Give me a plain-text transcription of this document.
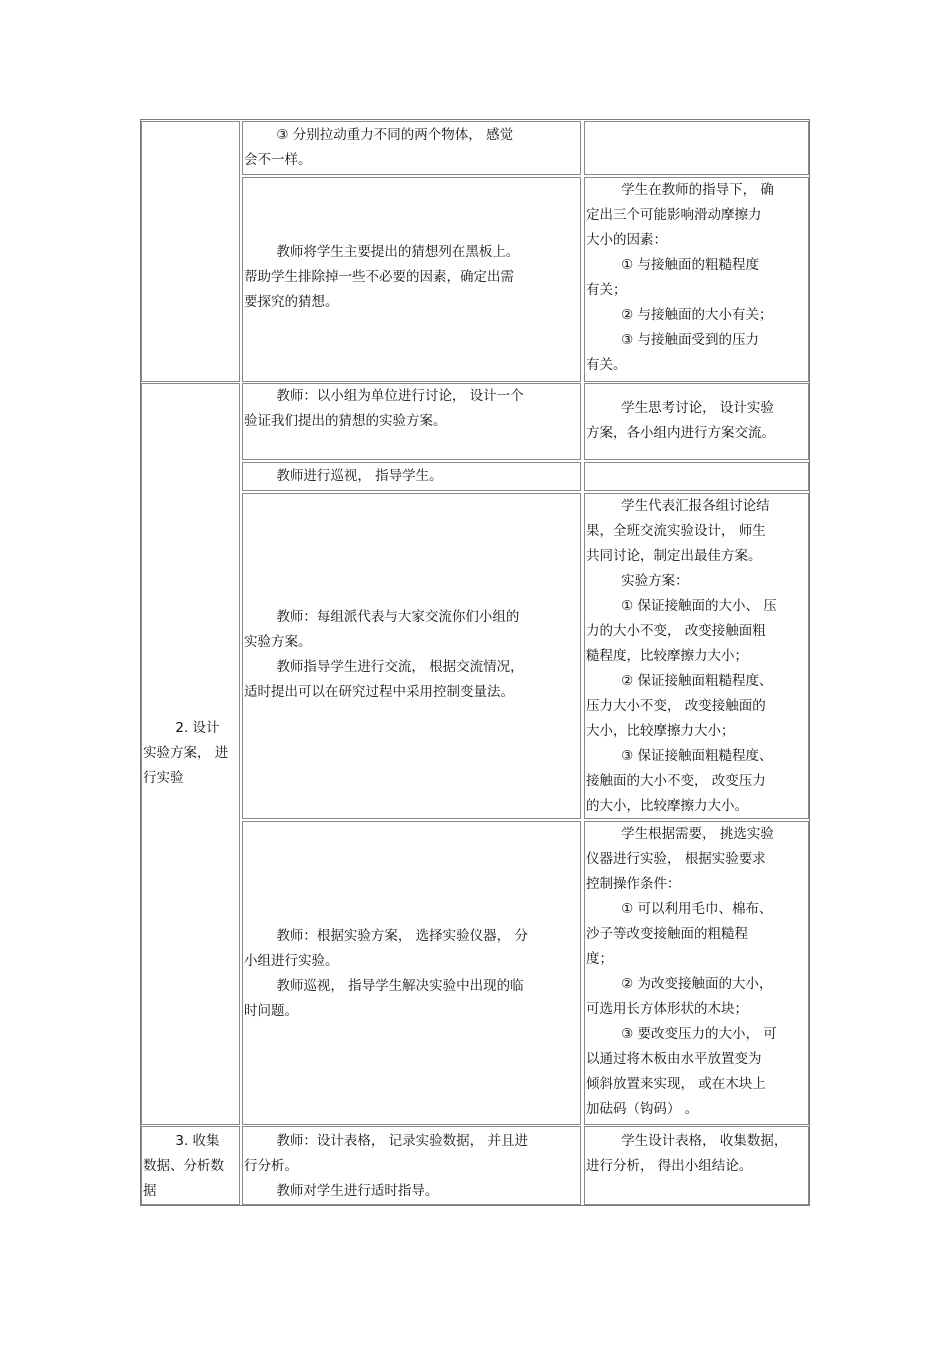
2. 设计
实验方案， 进
行实验
3. 收集
数据、分析数
据
③ 分别拉动重力不同的两个物体， 感觉
会不一样。
教师将学生主要提出的猜想列在黑板上。
帮助学生排除掉一些不必要的因素，确定出需
要探究的猜想。
学生在教师的指导下， 确
定出三个可能影响滑动摩擦力
大小的因素：
① 与接触面的粗糙程度
有关；
② 与接触面的大小有关；
③ 与接触面受到的压力
有关。
教师：以小组为单位进行讨论， 设计一个
验证我们提出的猜想的实验方案。
学生思考讨论， 设计实验
方案，各小组内进行方案交流。
教师进行巡视， 指导学生。
教师：每组派代表与大家交流你们小组的
实验方案。
教师指导学生进行交流， 根据交流情况，
适时提出可以在研究过程中采用控制变量法。
学生代表汇报各组讨论结
果，全班交流实验设计， 师生
共同讨论，制定出最佳方案。
实验方案：
① 保证接触面的大小、 压
力的大小不变， 改变接触面粗
糙程度，比较摩擦力大小；
② 保证接触面粗糙程度、
压力大小不变， 改变接触面的
大小，比较摩擦力大小；
③ 保证接触面粗糙程度、
接触面的大小不变， 改变压力
的大小，比较摩擦力大小。
教师：根据实验方案， 选择实验仪器， 分
小组进行实验。
教师巡视， 指导学生解决实验中出现的临
时问题。
学生根据需要， 挑选实验
仪器进行实验， 根据实验要求
控制操作条件：
① 可以利用毛巾、棉布、
沙子等改变接触面的粗糙程
度；
② 为改变接触面的大小，
可选用长方体形状的木块；
③ 要改变压力的大小， 可
以通过将木板由水平放置变为
倾斜放置来实现， 或在木块上
加砝码（钩码） 。
教师：设计表格， 记录实验数据， 并且进
行分析。
教师对学生进行适时指导。
学生设计表格， 收集数据，
进行分析， 得出小组结论。
